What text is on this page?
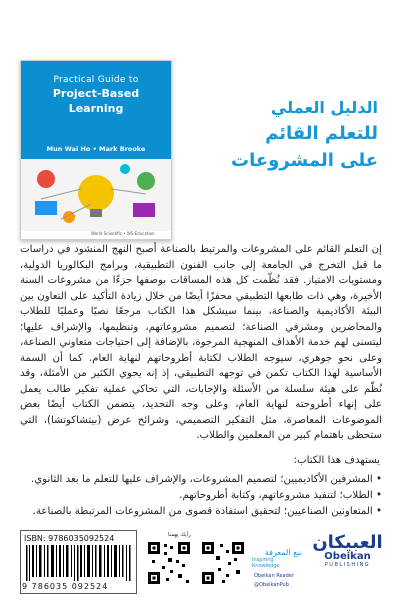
Practical Guide to
Project-Based
Learning
Mun Wai Ho • Mark Brooke
World Scientific • WS Education
الدليل العملي
للتعلم القائم
على المشروعات
إن التعلم القائم على المشروعات والمرتبط بالصناعة أصبح النهج المنشود في دراسات ما قبل التخرج في الجامعة إلى جانب الفنون التطبيقية، وبرامج البكالوريا الدولية، ومستويات الامتياز. فقد نُظّمت كل هذه المساقات بوصفها جزءًا من مشروعات السنة الأخيرة، وهي ذات طابعها التطبيقي محفزًا أيضًا من خلال زيادة التأكيد على التعاون بين البيئة الأكاديمية والصناعة، بينما سيشكل هذا الكتاب مرجعًا نصيًا وعمليًا للطلاب والمحاضرين ومشرفي الصناعة؛ لتصميم مشروعاتهم، وتنظيمها، والإشراف عليها؛ ليتسنى لهم خدمة الأهداف المنهجية المرجوة، بالإضافة إلى احتياجات متعاوني الصناعة، وعلى نحو جوهري، سيوجه الطلاب لكتابة أطروحاتهم لنهاية العام. كما أن السمة الأساسية لهذا الكتاب تكمن في توجهه التطبيقي، إذ إنه يحوي الكثير من الأمثلة، وقد نُظّم على هيئة سلسلة من الأسئلة والإجابات، التي تحاكي عملية تفكير طالب يعمل على إنهاء أطروحته لنهاية العام، وعلى وجه التحديد، يتضمن الكتاب أيضًا بعض الموضوعات المعاصرة، مثل التفكير التصميمي، وشرائح عرض (بيتشاكوتشا)، التي ستحظى باهتمام كبير من المعلمين والطلاب.
يستهدف هذا الكتاب:

• المشرفين الأكاديميين؛ لتصميم المشروعات، والإشراف عليها للتعلم ما بعد الثانوي.

• الطلاب؛ لتنفيذ مشروعاتهم، وكتابة أطروحاتهم.

• المتعاونين الصناعيين؛ لتحقيق استفادة قصوى من المشروعات المرتبطة بالصناعة.

ISBN: 9786035092524
9 786035 092524
رأيك يهمنا
نبع المعرفة
Inspiring Knowledge
Obeikan Reader
@ObeikanPub
العبيكان
Obeikan
PUBLISHING
